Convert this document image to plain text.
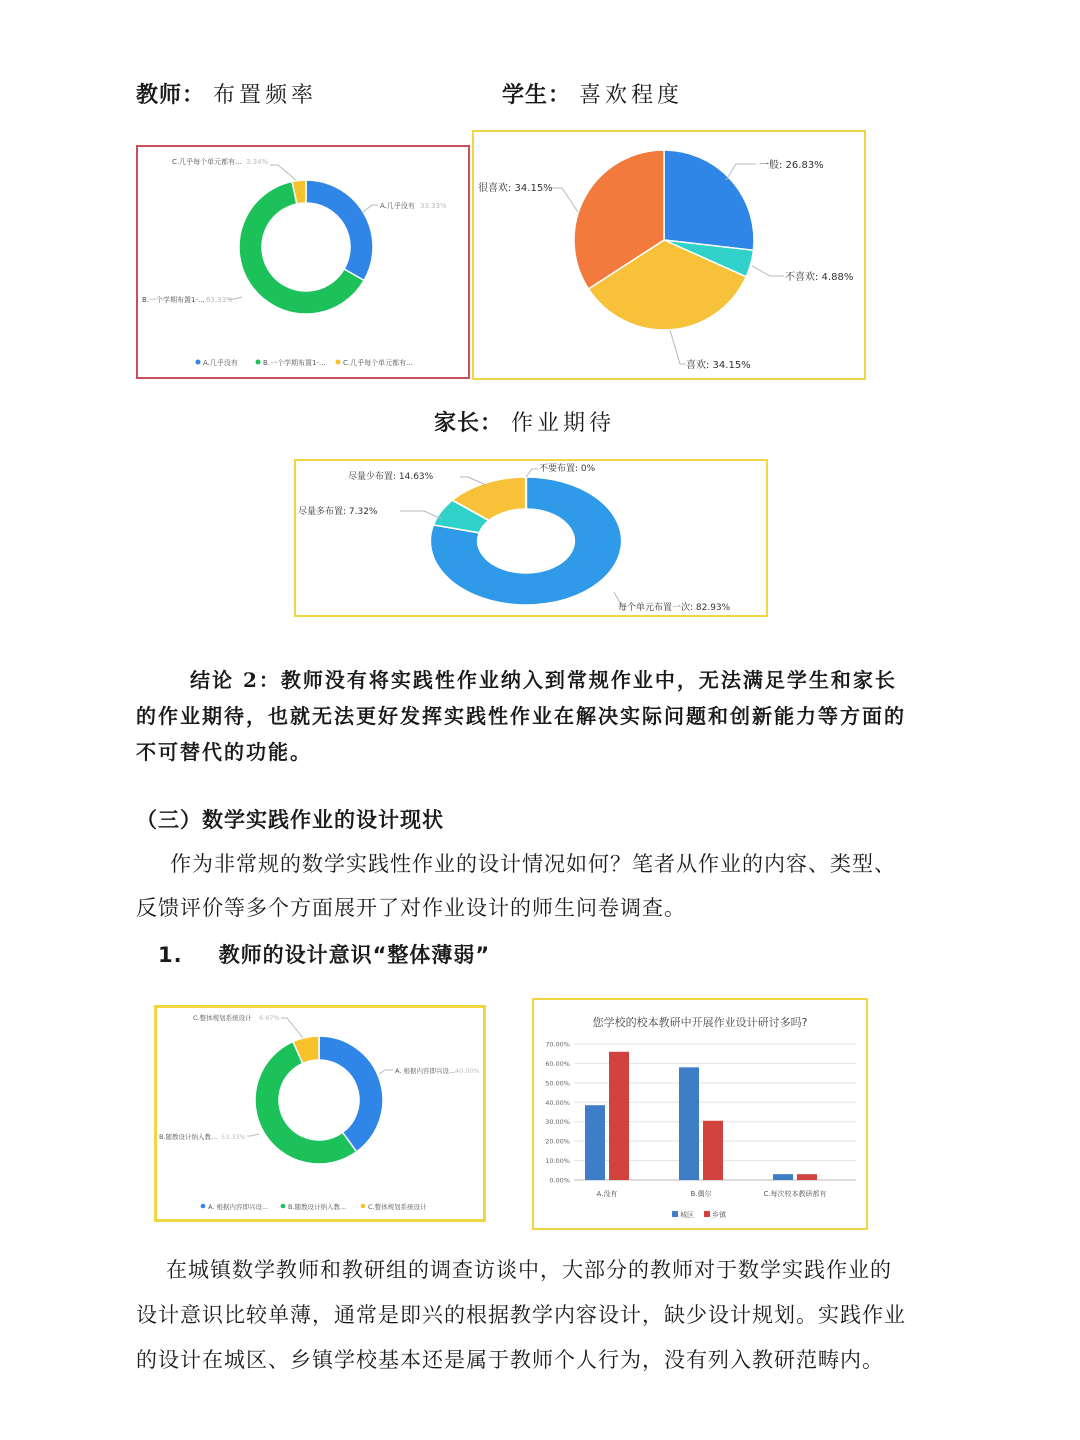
教师： 布置频率	学生： 喜欢程度
家长： 作业期待
A.几乎没有 33.33%
B.一个学期布置1-... 63.33%
C.几乎每个单元都有... 3.34%
A.几乎没有	B.一个学期布置1-... C.几乎每个单元都有...
一般: 26.83%
不喜欢: 4.88%
喜欢: 34.15%
很喜欢: 34.15%
每个单元布置一次: 82.93%
尽量多布置: 7.32%
尽量少布置: 14.63%
不要布置: 0%
结论 2：教师没有将实践性作业纳入到常规作业中，无法满足学生和家长
的作业期待，也就无法更好发挥实践性作业在解决实际问题和创新能力等方面的
不可替代的功能。
（三）数学实践作业的设计现状
作为非常规的数学实践性作业的设计情况如何？笔者从作业的内容、类型、
反馈评价等多个方面展开了对作业设计的师生问卷调查。
1. 教师的设计意识“整体薄弱”
A. 根据内容即兴设... 40.00%
B.随教设计纳入教... 53.33%
C.整体规划系统设计 6.67%
A. 根据内容即兴设...	B.随教设计纳入教...	C.整体规划系统设计
您学校的校本教研中开展作业设计研讨多吗?
0.00%
10.00%
20.00%
30.00%
40.00%
50.00%
60.00%
70.00%
A.没有	B.偶尔	C.每次校本教研都有
城区	乡镇
在城镇数学教师和教研组的调查访谈中，大部分的教师对于数学实践作业的
设计意识比较单薄，通常是即兴的根据教学内容设计，缺少设计规划。实践作业
的设计在城区、乡镇学校基本还是属于教师个人行为，没有列入教研范畴内。
